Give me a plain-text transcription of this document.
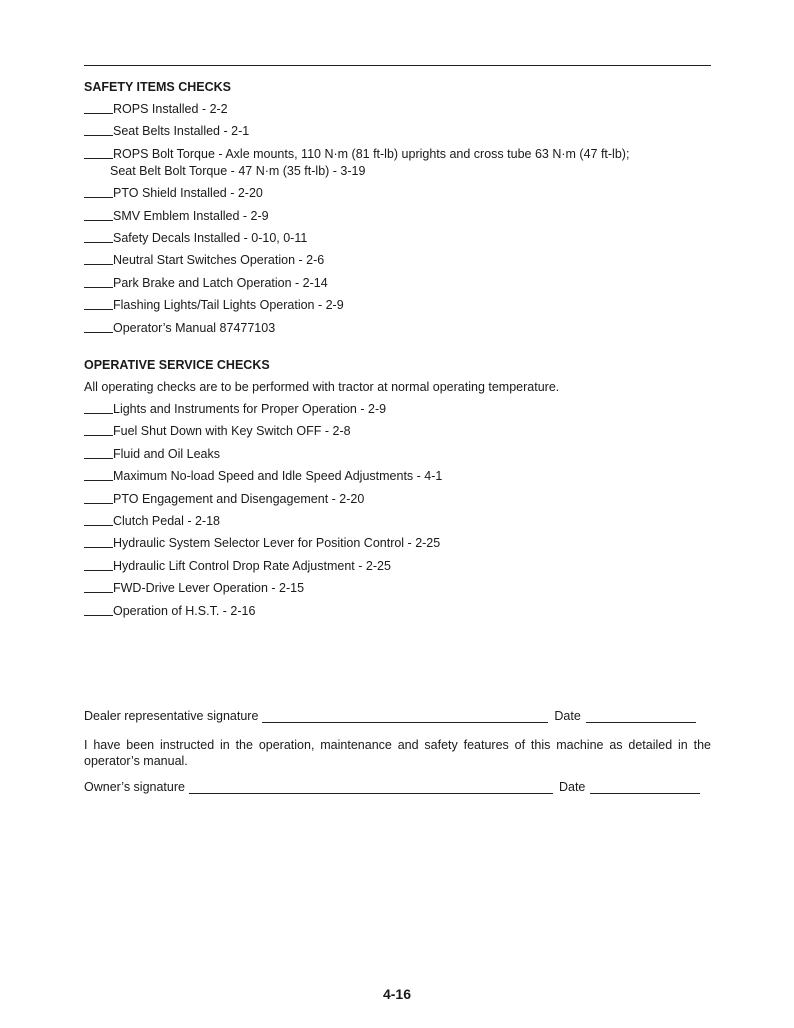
SAFETY ITEMS CHECKS
ROPS Installed - 2-2
Seat Belts Installed - 2-1
ROPS Bolt Torque - Axle mounts, 110 N·m (81 ft-lb) uprights and cross tube 63 N·m (47 ft-lb);
Seat Belt Bolt Torque - 47 N·m (35 ft-lb) - 3-19
PTO Shield Installed - 2-20
SMV Emblem Installed - 2-9
Safety Decals Installed - 0-10, 0-11
Neutral Start Switches Operation - 2-6
Park Brake and Latch Operation - 2-14
Flashing Lights/Tail Lights Operation - 2-9
Operator’s Manual 87477103
OPERATIVE SERVICE CHECKS
All operating checks are to be performed with tractor at normal operating temperature.
Lights and Instruments for Proper Operation - 2-9
Fuel Shut Down with Key Switch OFF - 2-8
Fluid and Oil Leaks
Maximum No-load Speed and Idle Speed Adjustments - 4-1
PTO Engagement and Disengagement - 2-20
Clutch Pedal - 2-18
Hydraulic System Selector Lever for Position Control - 2-25
Hydraulic Lift Control Drop Rate Adjustment - 2-25
FWD-Drive Lever Operation - 2-15
Operation of H.S.T. - 2-16
Dealer representative signature	Date
I have been instructed in the operation, maintenance and safety features of this machine as detailed in the operator’s manual.
Owner’s signature	Date
4-16
